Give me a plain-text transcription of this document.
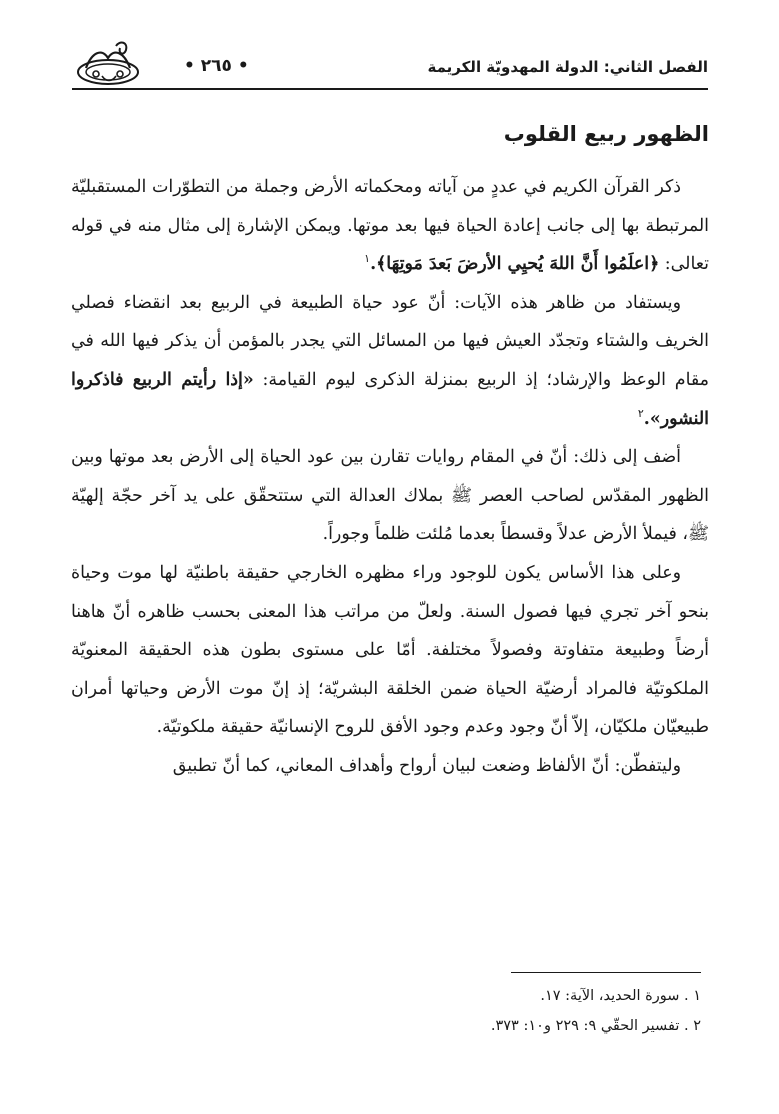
الفصل الثاني: الدولة المهدويّة الكريمة
• ٢٦٥ •
الظهور ربيع القلوب

ذكر القرآن الكريم في عددٍ من آياته ومحكماته الأرض وجملة من التطوّرات المستقبليّة المرتبطة بها إلى جانب إعادة الحياة فيها بعد موتها. ويمكن الإشارة إلى مثال منه في قوله تعالى: ﴿اعلَمُوا أَنَّ اللهَ يُحيِي الأرضَ بَعدَ مَوتِهَا﴾.$^١$

ويستفاد من ظاهر هذه الآيات: أنّ عود حياة الطبيعة في الربيع بعد انقضاء فصلي الخريف والشتاء وتجدّد العيش فيها من المسائل التي يجدر بالمؤمن أن يذكر فيها الله في مقام الوعظ والإرشاد؛ إذ الربيع بمنزلة الذكرى ليوم القيامة: «إذا رأيتم الربيع فاذكروا النشور».$^٢$

أضف إلى ذلك: أنّ في المقام روايات تقارن بين عود الحياة إلى الأرض بعد موتها وبين الظهور المقدّس لصاحب العصر ﷺ بملاك العدالة التي ستتحقّق على يد آخر حجّة إلهيّة ﷺ، فيملأ الأرض عدلاً وقسطاً بعدما مُلئت ظلماً وجوراً.

وعلى هذا الأساس يكون للوجود وراء مظهره الخارجي حقيقة باطنيّة لها موت وحياة بنحو آخر تجري فيها فصول السنة. ولعلّ من مراتب هذا المعنى بحسب ظاهره أنّ هاهنا أرضاً وطبيعة متفاوتة وفصولاً مختلفة. أمّا على مستوى بطون هذه الحقيقة المعنويّة الملكوتيّة فالمراد أرضيّة الحياة ضمن الخلقة البشريّة؛ إذ إنّ موت الأرض وحياتها أمران طبيعيّان ملكيّان، إلاّ أنّ وجود وعدم وجود الأفق للروح الإنسانيّة حقيقة ملكوتيّة.

وليتفطّن: أنّ الألفاظ وضعت لبيان أرواح وأهداف المعاني، كما أنّ تطبيق

١ . سورة الحديد، الآية: ١٧.

٢ . تفسير الحقّي ٩: ٢٢٩ و١٠: ٣٧٣.
